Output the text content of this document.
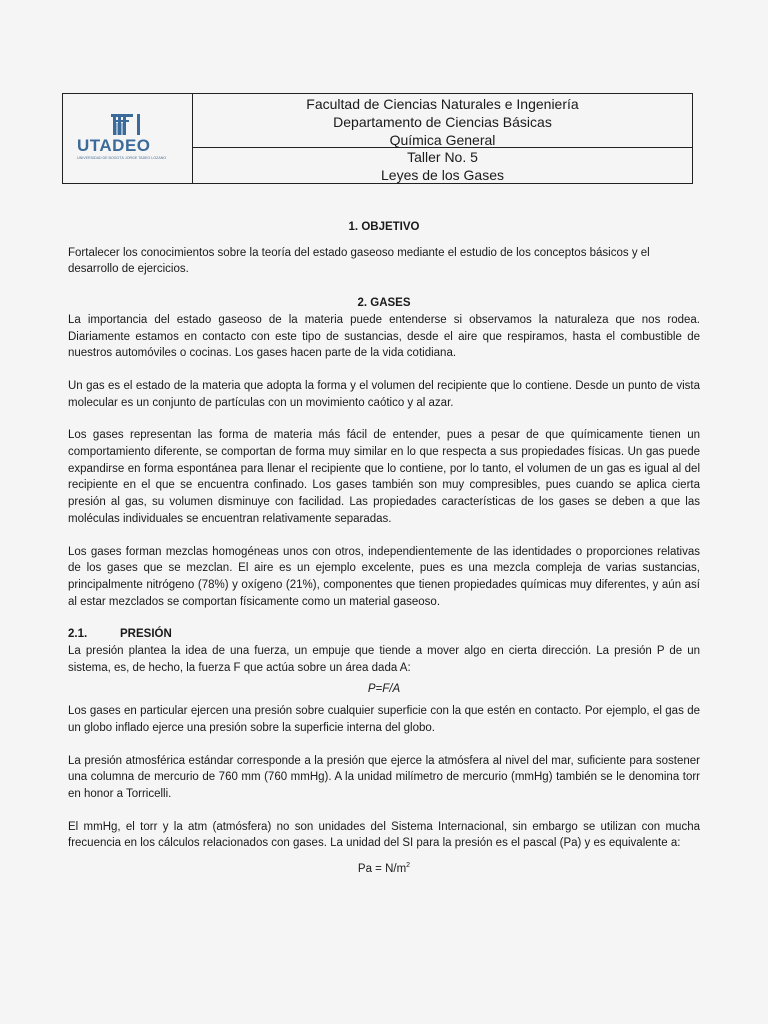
UTADEO
UNIVERSIDAD DE BOGOTÁ JORGE TADEO LOZANO
Facultad de Ciencias Naturales e Ingeniería
Departamento de Ciencias Básicas
Química General
Taller No. 5
Leyes de los Gases

1. OBJETIVO

Fortalecer los conocimientos sobre la teoría del estado gaseoso mediante el estudio de los conceptos básicos y el desarrollo de ejercicios.

2. GASES

La importancia del estado gaseoso de la materia puede entenderse si observamos la naturaleza que nos rodea. Diariamente estamos en contacto con este tipo de sustancias, desde el aire que respiramos, hasta el combustible de nuestros automóviles o cocinas. Los gases hacen parte de la vida cotidiana.

Un gas es el estado de la materia que adopta la forma y el volumen del recipiente que lo contiene. Desde un punto de vista molecular es un conjunto de partículas con un movimiento caótico y al azar.

Los gases representan las forma de materia más fácil de entender, pues a pesar de que químicamente tienen un comportamiento diferente, se comportan de forma muy similar en lo que respecta a sus propiedades físicas. Un gas puede expandirse en forma espontánea para llenar el recipiente que lo contiene, por lo tanto, el volumen de un gas es igual al del recipiente en el que se encuentra confinado. Los gases también son muy compresibles, pues cuando se aplica cierta presión al gas, su volumen disminuye con facilidad. Las propiedades características de los gases se deben a que las moléculas individuales se encuentran relativamente separadas.

Los gases forman mezclas homogéneas unos con otros, independientemente de las identidades o proporciones relativas de los gases que se mezclan. El aire es un ejemplo excelente, pues es una mezcla compleja de varias sustancias, principalmente nitrógeno (78%) y oxígeno (21%), componentes que tienen propiedades químicas muy diferentes, y aún así al estar mezclados se comportan físicamente como un material gaseoso.

2.1.	PRESIÓN

La presión plantea la idea de una fuerza, un empuje que tiende a mover algo en cierta dirección. La presión P de un sistema, es, de hecho, la fuerza F que actúa sobre un área dada A:

P=F/A

Los gases en particular ejercen una presión sobre cualquier superficie con la que estén en contacto. Por ejemplo, el gas de un globo inflado ejerce una presión sobre la superficie interna del globo.

La presión atmosférica estándar corresponde a la presión que ejerce la atmósfera al nivel del mar, suficiente para sostener una columna de mercurio de 760 mm (760 mmHg). A la unidad milímetro de mercurio (mmHg) también se le denomina torr en honor a Torricelli.

El mmHg, el torr y la atm (atmósfera) no son unidades del Sistema Internacional, sin embargo se utilizan con mucha frecuencia en los cálculos relacionados con gases. La unidad del SI para la presión es el pascal (Pa) y es equivalente a:

$Pa = N/m^2$
